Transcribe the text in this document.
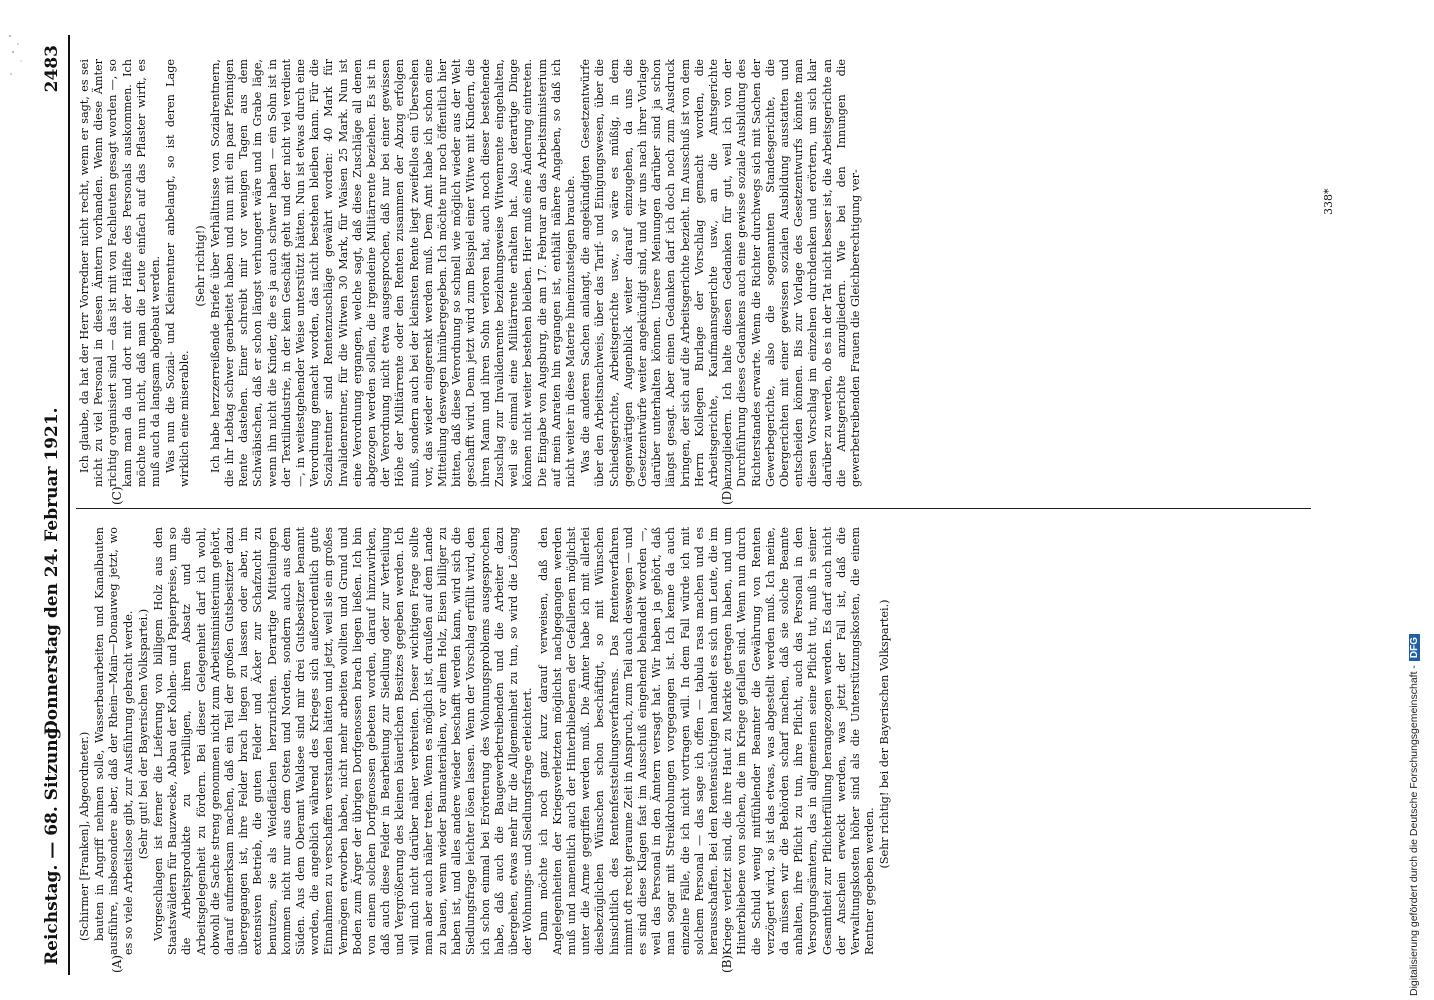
Reichstag. — 68. Sitzung.
Donnerstag den 24. Februar 1921.
2483
(A)	(B)
(C)	(D)

(Schirmer [Franken], Abgeordneter.) bauten in Angriff nehmen solle, Wasserbauarbeiten und Kanalbauten ausführe, insbesondere aber, daß der Rhein—Main—Donauweg jetzt, wo es so viele Arbeitslose gibt, zur Ausführung gebracht werde. (Sehr gut! bei der Bayerischen Volkspartei.) Vorgeschlagen ist ferner die Lieferung von billigem Holz aus den Staatswäldern für Bauzwecke, Abbau der Kohlen- und Papierpreise, um so die Arbeitsprodukte zu verbilligen, ihren Absatz und die Arbeitsgelegenheit zu fördern. Bei dieser Gelegenheit darf ich wohl, obwohl die Sache streng genommen nicht zum Arbeitsministerium gehört, darauf aufmerksam machen, daß ein Teil der großen Gutsbesitzer dazu übergegangen ist, ihre Felder brach liegen zu lassen oder aber, im extensiven Betrieb, die guten Felder und Äcker zur Schafzucht zu benutzen, sie als Weideflächen herzurichten. Derartige Mitteilungen kommen nicht nur aus dem Osten und Norden, sondern auch aus dem Süden. Aus dem Oberamt Waldsee sind mir drei Gutsbesitzer benannt worden, die angeblich während des Krieges sich außerordentlich gute Einnahmen zu verschaffen verstanden hätten und jetzt, weil sie ein großes Vermögen erworben haben, nicht mehr arbeiten wollten und Grund und Boden zum Ärger der übrigen Dorfgenossen brach liegen ließen. Ich bin von einem solchen Dorfgenossen gebeten worden, darauf hinzuwirken, daß auch diese Felder in Bearbeitung zur Siedlung oder zur Verteilung und Vergrößerung des kleinen bäuerlichen Besitzes gegeben werden. Ich will mich nicht darüber näher verbreiten. Dieser wichtigen Frage sollte man aber auch näher treten. Wenn es möglich ist, draußen auf dem Lande zu bauen, wenn wieder Baumaterialien, vor allem Holz, Eisen billiger zu haben ist, und alles andere wieder beschafft werden kann, wird sich die Siedlungsfrage leichter lösen lassen. Wenn der Vorschlag erfüllt wird, den ich schon einmal bei Erörterung des Wohnungsproblems ausgesprochen habe, daß auch die Baugewerbetreibenden und die Arbeiter dazu übergehen, etwas mehr für die Allgemeinheit zu tun, so wird die Lösung der Wohnungs- und Siedlungsfrage erleichtert. Dann möchte ich noch ganz kurz darauf verweisen, daß den Angelegenheiten der Kriegsverletzten möglichst nachgegangen werden muß und namentlich auch der Hinterbliebenen der Gefallenen möglichst unter die Arme gegriffen werden muß. Die Ämter habe ich mit allerlei diesbezüglichen Wünschen schon beschäftigt, so mit Wünschen hinsichtlich des Rentenfeststellungsverfahrens. Das Rentenverfahren nimmt oft recht geraume Zeit in Anspruch, zum Teil auch deswegen — und es sind diese Klagen fast im Ausschuß eingehend behandelt worden —, weil das Personal in den Ämtern versagt hat. Wir haben ja gehört, daß man sogar mit Streikdrohungen vorgegangen ist. Ich kenne da auch einzelne Fälle, die ich nicht vortragen will. In dem Fall würde ich mit solchem Personal — das sage ich offen — tabula rasa machen und es herausschaffen. Bei den Rentensüchtigen handelt es sich um Leute, die im Kriege verletzt sind, die ihre Haut zu Markte getragen haben, und um Hinterbliebene von solchen, die im Kriege gefallen sind. Wenn nun durch die Schuld wenig mitfühlender Beamter die Gewährung von Renten verzögert wird, so ist das etwas, was abgestellt werden muß. Ich meine, da müssen wir die Behörden scharf machen, daß sie solche Beamte anhalten, ihre Pflicht zu tun, ihre Pflicht, auch das Personal in den Versorgungsämtern, das in allgemeinen seine Pflicht tut, muß in seiner Gesamtheit zur Pflichterfüllung herangezogen werden. Es darf auch nicht der Anschein erweckt werden, was jetzt der Fall ist, daß die Verwaltungskosten höher sind als die Unterstützungskosten, die einem Rentner gegeben werden.

(Sehr richtig! bei der Bayerischen Volkspartei.)

Ich glaube, da hat der Herr Vorredner nicht recht, wenn er sagt, es sei nicht zu viel Personal in diesen Ämtern vorhanden. Wenn diese Ämter richtig organisiert sind — das ist mit von Fachleuten gesagt worden —, so kann man da und dort mit der Hälfte des Personals auskommen. Ich möchte nun nicht, daß man die Leute einfach auf das Pflaster wirft, es muß auch da langsam abgebaut werden. Was nun die Sozial- und Kleinrentner anbelangt, so ist deren Lage wirklich eine miserable.

(Sehr richtig!) Ich habe herzzerreißende Briefe über Verhältnisse von Sozialrentnern, die ihr Lebtag schwer gearbeitet haben und nun mit ein paar Pfennigen Rente dastehen. Einer schreibt mir vor wenigen Tagen aus dem Schwäbischen, daß er schon längst verhungert wäre und im Grabe läge, wenn ihn nicht die Kinder, die es ja auch schwer haben — ein Sohn ist in der Textilindustrie, in der kein Geschäft geht und der nicht viel verdient —, in weitestgehender Weise unterstützt hätten. Nun ist etwas durch eine Verordnung gemacht worden, das nicht bestehen bleiben kann. Für die Sozialrentner sind Rentenzuschläge gewährt worden: 40 Mark für Invalidenrentner, für die Witwen 30 Mark, für Waisen 25 Mark. Nun ist eine Verordnung ergangen, welche sagt, daß diese Zuschläge all denen abgezogen werden sollen, die irgendeine Militärrente beziehen. Es ist in der Verordnung nicht etwa ausgesprochen, daß nur bei einer gewissen Höhe der Militärrente oder den Renten zusammen der Abzug erfolgen muß, sondern auch bei der kleinsten Rente liegt zweifellos ein Übersehen vor, das wieder eingerenkt werden muß. Dem Amt habe ich schon eine Mitteilung deswegen hinübergegeben. Ich möchte nur noch öffentlich hier bitten, daß diese Verordnung so schnell wie möglich wieder aus der Welt geschafft wird. Denn jetzt wird zum Beispiel einer Witwe mit Kindern, die ihren Mann und ihren Sohn verloren hat, auch noch dieser bestehende Zuschlag zur Invalidenrente beziehungsweise Witwenrente eingehalten, weil sie einmal eine Militärrente erhalten hat. Also derartige Dinge können nicht weiter bestehen bleiben. Hier muß eine Änderung eintreten. Die Eingabe von Augsburg, die am 17. Februar an das Arbeitsministerium auf mein Anraten hin ergangen ist, enthält nähere Angaben, so daß ich nicht weiter in diese Materie hineinzusteigen brauche. Was die anderen Sachen anlangt, die angekündigten Gesetzentwürfe über den Arbeitsnachweis, über das Tarif- und Einigungswesen, über die Schiedsgerichte, Arbeitsgerichte usw., so wäre es müßig, in dem gegenwärtigen Augenblick weiter darauf einzugehen, da uns die Gesetzentwürfe weiter angekündigt sind, und wir uns nach ihrer Vorlage darüber unterhalten können. Unsere Meinungen darüber sind ja schon längst gesagt. Aber einen Gedanken darf ich doch noch zum Ausdruck bringen, der sich auf die Arbeitsgerichte bezieht. Im Ausschuß ist von dem Herrn Kollegen Burlage der Vorschlag gemacht worden, die Arbeitsgerichte, Kaufmannsgerichte usw., an die Amtsgerichte anzugliedern. Ich halte diesen Gedanken für gut, weil ich von der Durchführung dieses Gedankens auch eine gewisse soziale Ausbildung des Richterstandes erwarte. Wenn die Richter durchwegs sich mit Sachen der Gewerbegerichte, also die sogenannten Standesgerichte, die Obergerichten mit einer gewissen sozialen Ausbildung ausstatten und entscheiden können. Bis zur Vorlage des Gesetzentwurfs könnte man diesen Vorschlag im einzelnen durchdenken und erörtern, um sich klar darüber zu werden, ob es in der Tat nicht besser ist, die Arbeitsgerichte an die Amtsgerichte anzugliedern. Wie bei den Innungen die gewerbetreibenden Frauen die Gleichberechtigung ver-	338*
Digitalisierung gefördert durch die Deutsche Forschungsgemeinschaft -DFG
